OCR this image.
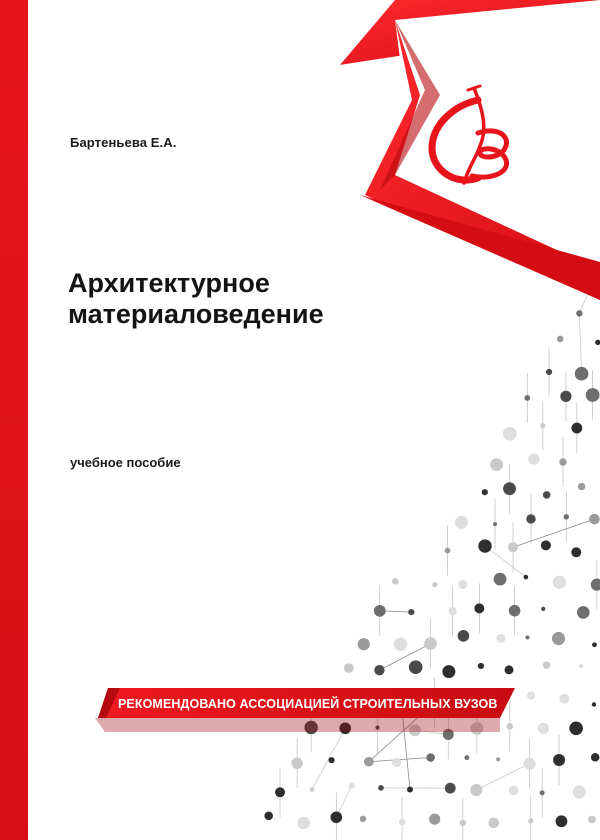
Бартеньева Е.А.
Архитектурное
материаловедение
учебное пособие
РЕКОМЕНДОВАНО АССОЦИАЦИЕЙ СТРОИТЕЛЬНЫХ ВУЗОВ
